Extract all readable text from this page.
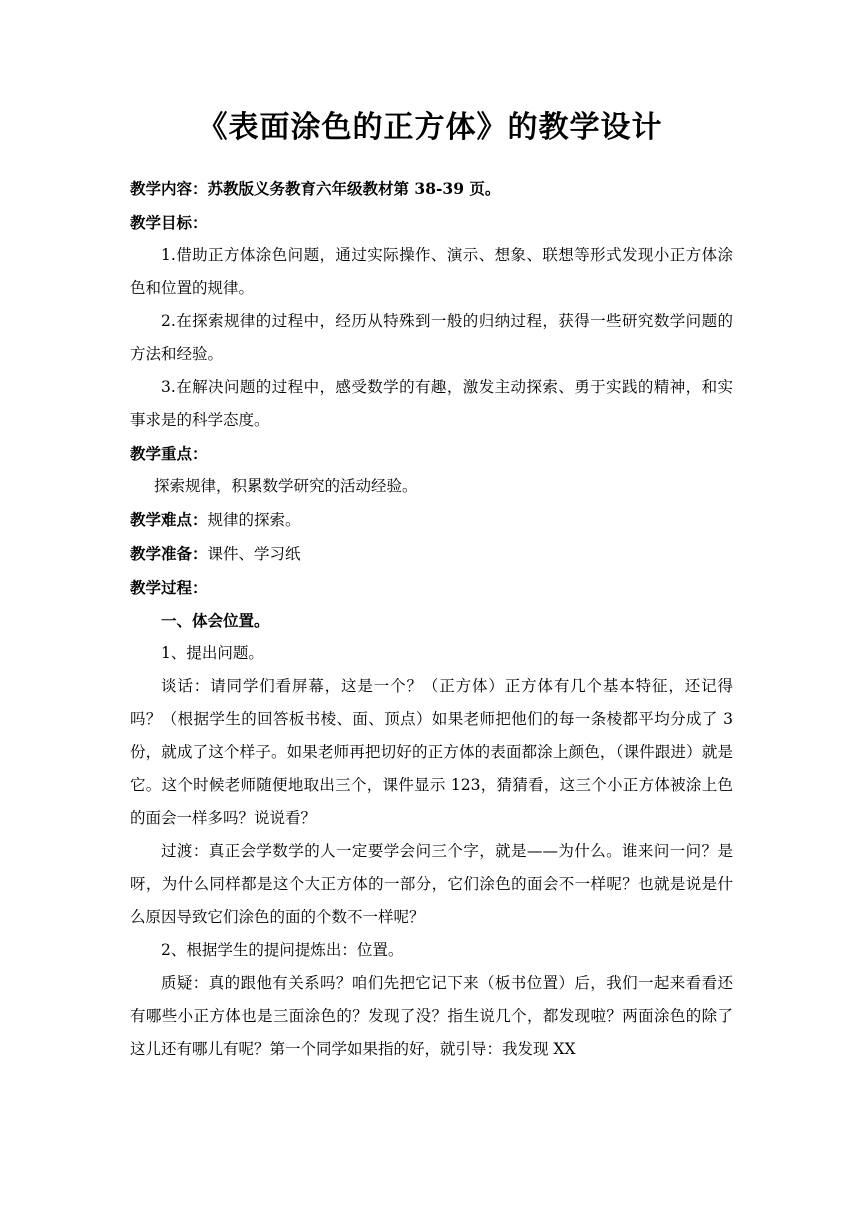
《表面涂色的正方体》的教学设计

教学内容：苏教版义务教育六年级教材第 38-39 页。

教学目标：

1.借助正方体涂色问题，通过实际操作、演示、想象、联想等形式发现小正方体涂色和位置的规律。

2.在探索规律的过程中，经历从特殊到一般的归纳过程，获得一些研究数学问题的方法和经验。

3.在解决问题的过程中，感受数学的有趣，激发主动探索、勇于实践的精神，和实事求是的科学态度。

教学重点：

探索规律，积累数学研究的活动经验。

教学难点：规律的探索。

教学准备：课件、学习纸

教学过程：

一、体会位置。

1、提出问题。

谈话：请同学们看屏幕，这是一个？（正方体）正方体有几个基本特征，还记得吗？（根据学生的回答板书棱、面、顶点）如果老师把他们的每一条棱都平均分成了 3 份，就成了这个样子。如果老师再把切好的正方体的表面都涂上颜色，（课件跟进）就是它。这个时候老师随便地取出三个，课件显示 123，猜猜看，这三个小正方体被涂上色的面会一样多吗？说说看？

过渡：真正会学数学的人一定要学会问三个字，就是——为什么。谁来问一问？是呀，为什么同样都是这个大正方体的一部分，它们涂色的面会不一样呢？也就是说是什么原因导致它们涂色的面的个数不一样呢？

2、根据学生的提问提炼出：位置。

质疑：真的跟他有关系吗？咱们先把它记下来（板书位置）后，我们一起来看看还有哪些小正方体也是三面涂色的？发现了没？指生说几个，都发现啦？两面涂色的除了这儿还有哪儿有呢？第一个同学如果指的好，就引导：我发现 XX
